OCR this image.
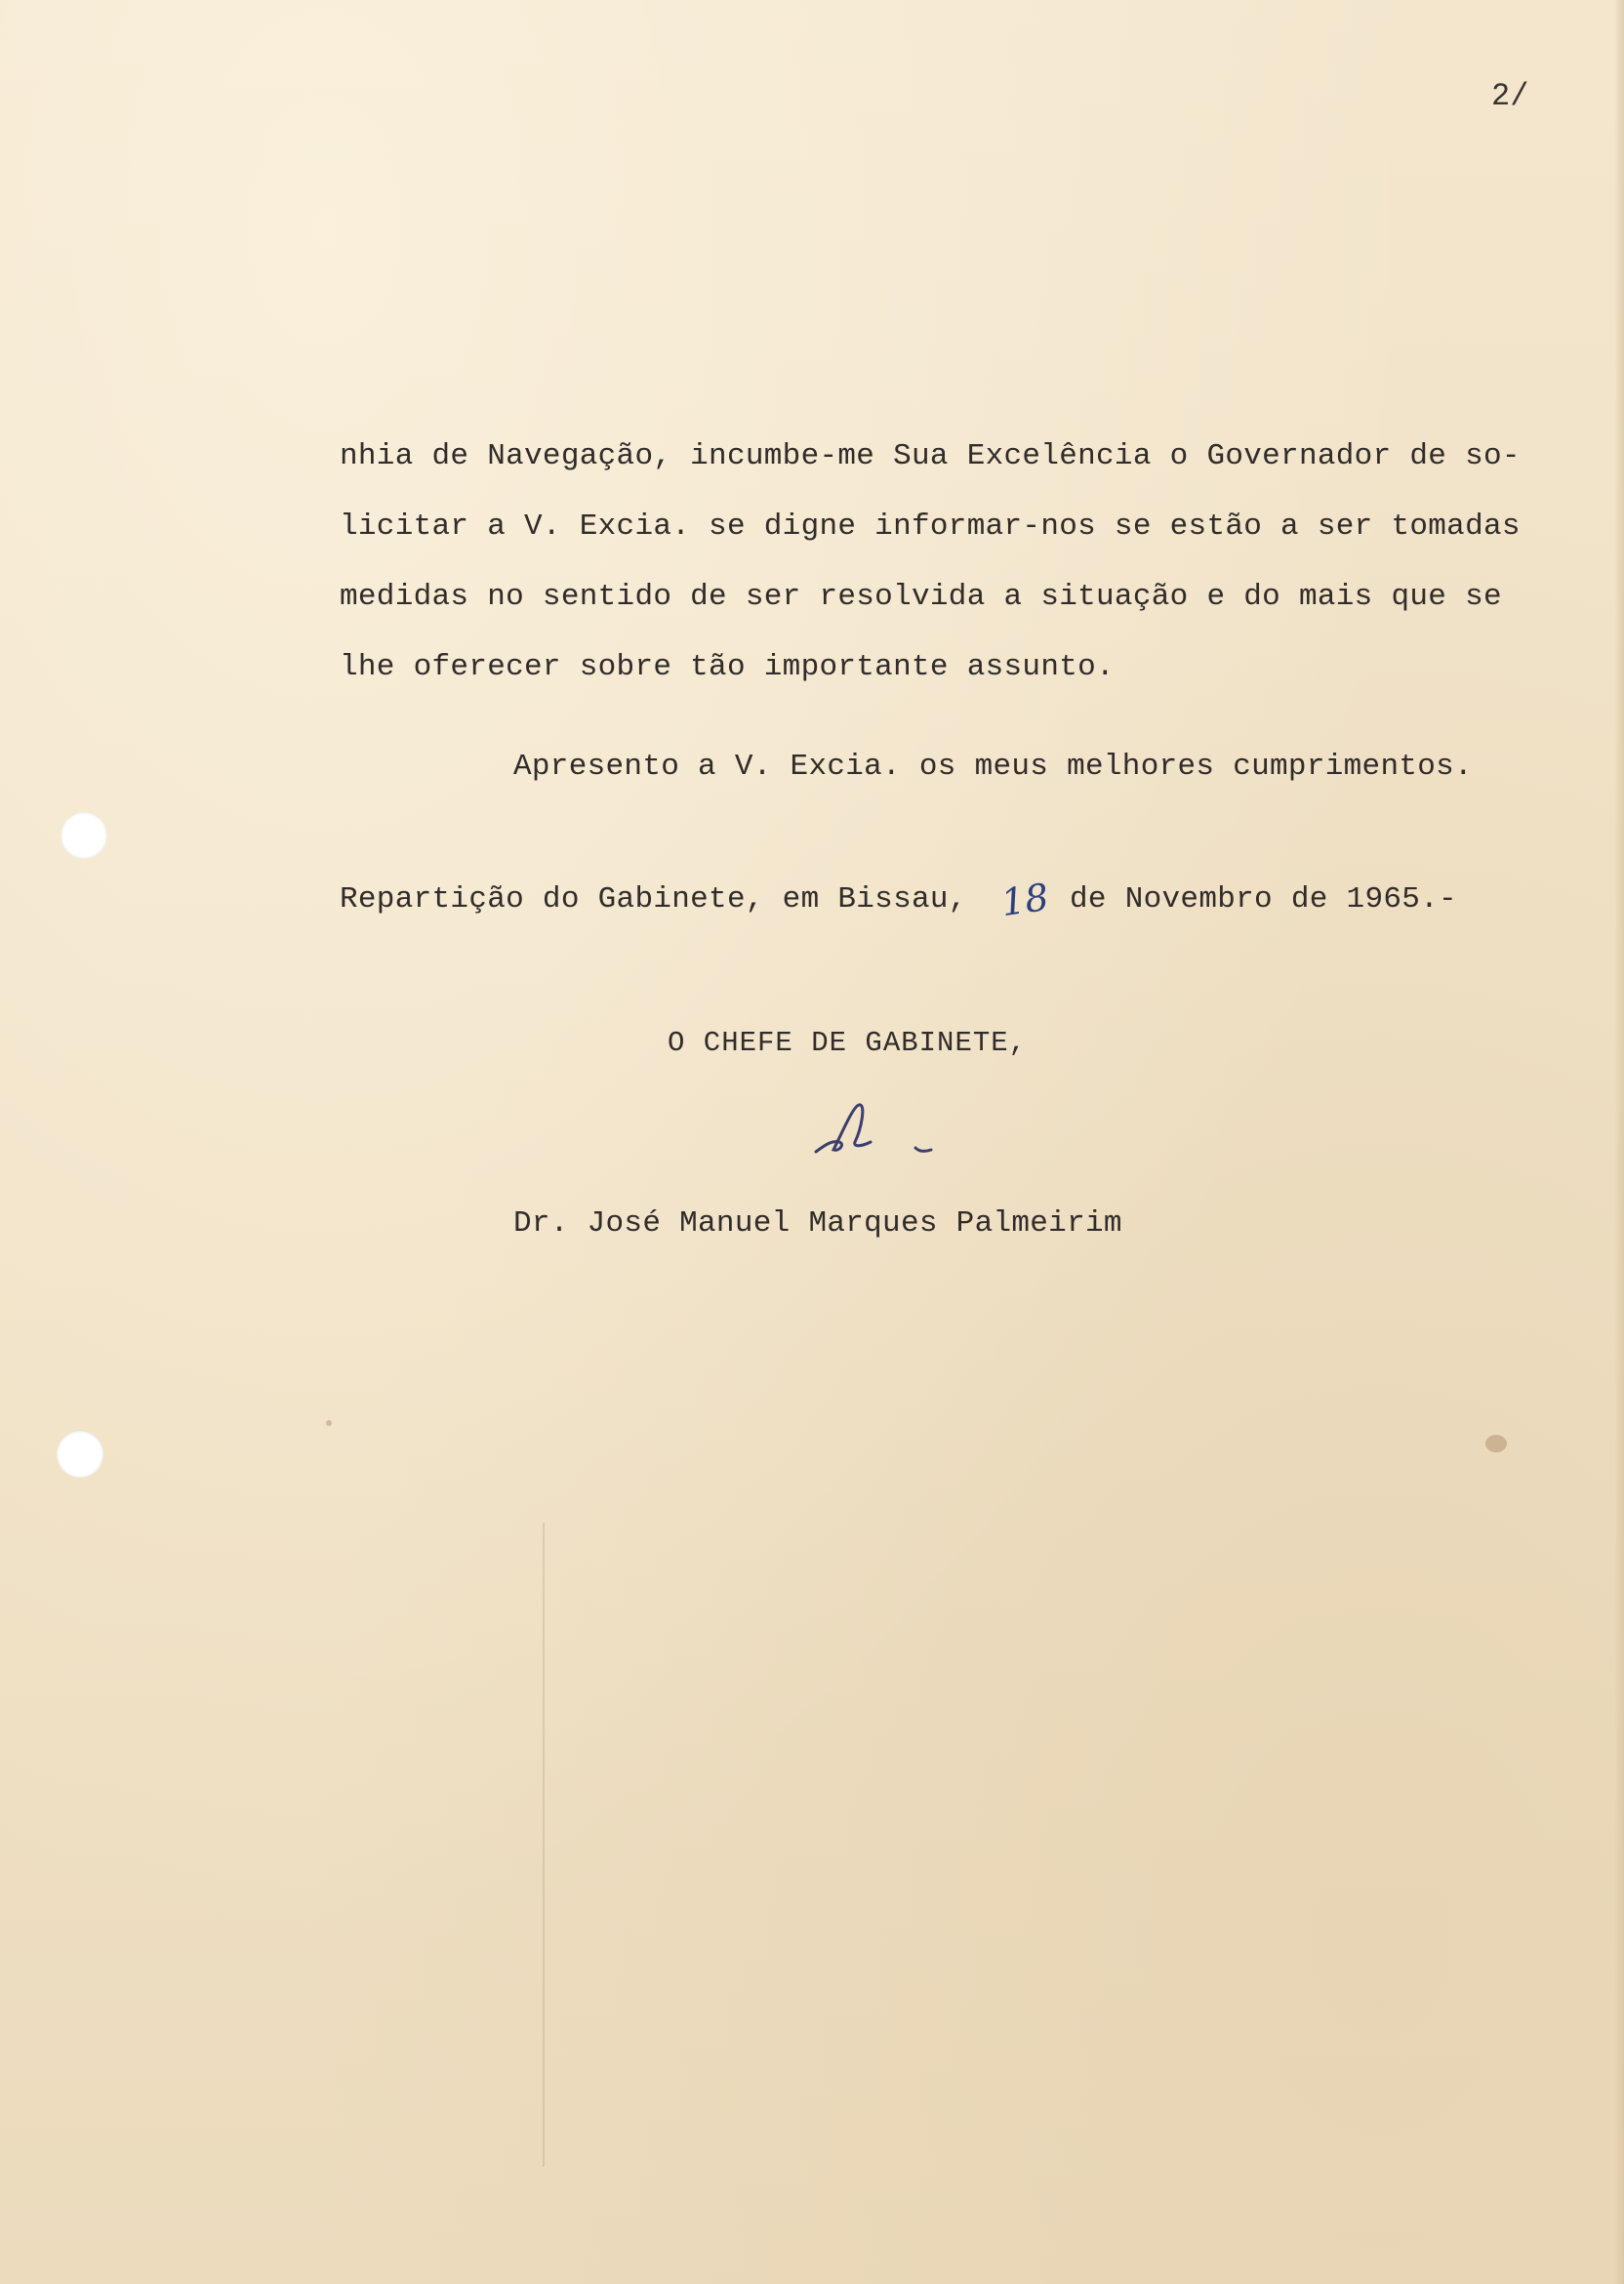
2/
nhia de Navegação, incumbe-me Sua Excelência o Governador de so-
licitar a V. Excia. se digne informar-nos se estão a ser tomadas
medidas no sentido de ser resolvida a situação e do mais que se
lhe oferecer sobre tão importante assunto.
Apresento a V. Excia. os meus melhores cumprimentos.
Repartição do Gabinete, em Bissau, 18 de Novembro de 1965.-
O CHEFE DE GABINETE,
Dr. José Manuel Marques Palmeirim
